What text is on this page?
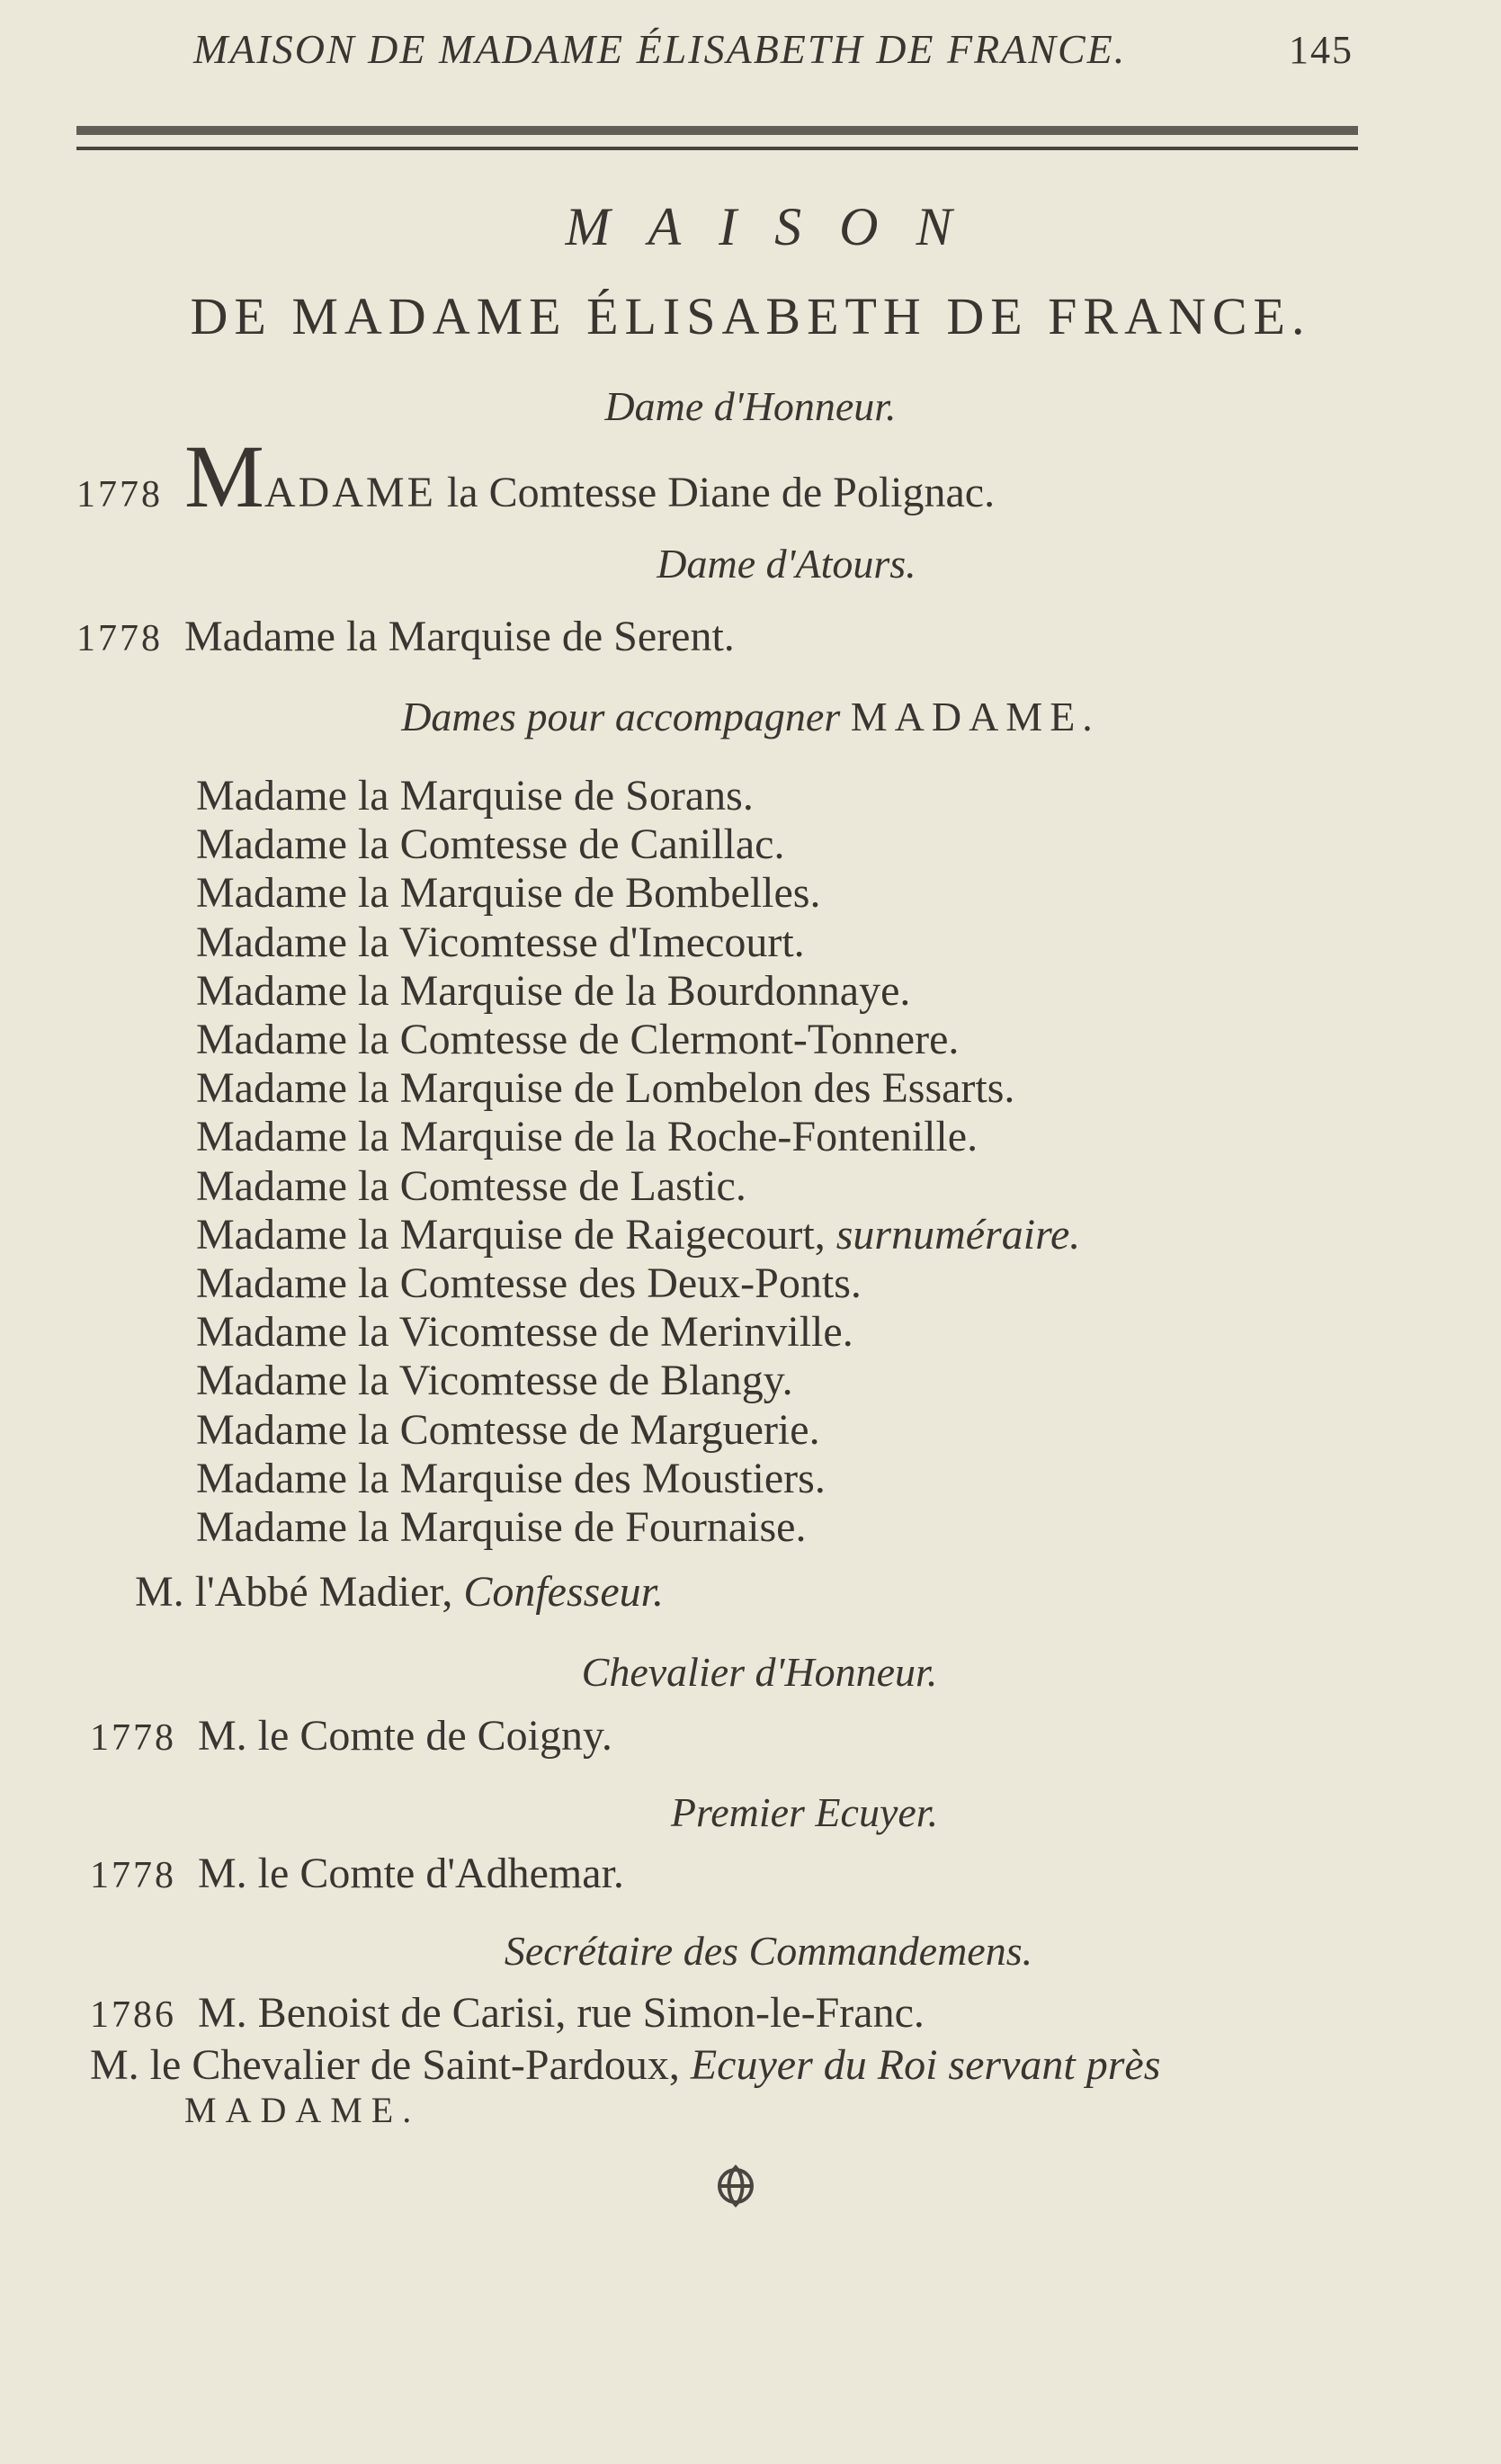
MAISON DE MADAME ÉLISABETH DE FRANCE.	145
MAISON
DE MADAME ÉLISABETH DE FRANCE.
Dame d'Honneur.
1778 MADAME la Comtesse Diane de Polignac.
Dame d'Atours.
1778 Madame la Marquise de Serent.
Dames pour accompagner MADAME.
Madame la Marquise de Sorans.
Madame la Comtesse de Canillac.
Madame la Marquise de Bombelles.
Madame la Vicomtesse d'Imecourt.
Madame la Marquise de la Bourdonnaye.
Madame la Comtesse de Clermont-Tonnere.
Madame la Marquise de Lombelon des Essarts.
Madame la Marquise de la Roche-Fontenille.
Madame la Comtesse de Lastic.
Madame la Marquise de Raigecourt, surnuméraire.
Madame la Comtesse des Deux-Ponts.
Madame la Vicomtesse de Merinville.
Madame la Vicomtesse de Blangy.
Madame la Comtesse de Marguerie.
Madame la Marquise des Moustiers.
Madame la Marquise de Fournaise.
M. l'Abbé Madier, Confesseur.
Chevalier d'Honneur.
1778 M. le Comte de Coigny.
Premier Ecuyer.
1778 M. le Comte d'Adhemar.
Secrétaire des Commandemens.
1786 M. Benoist de Carisi, rue Simon-le-Franc.
M. le Chevalier de Saint-Pardoux, Ecuyer du Roi servant près
MADAME.
